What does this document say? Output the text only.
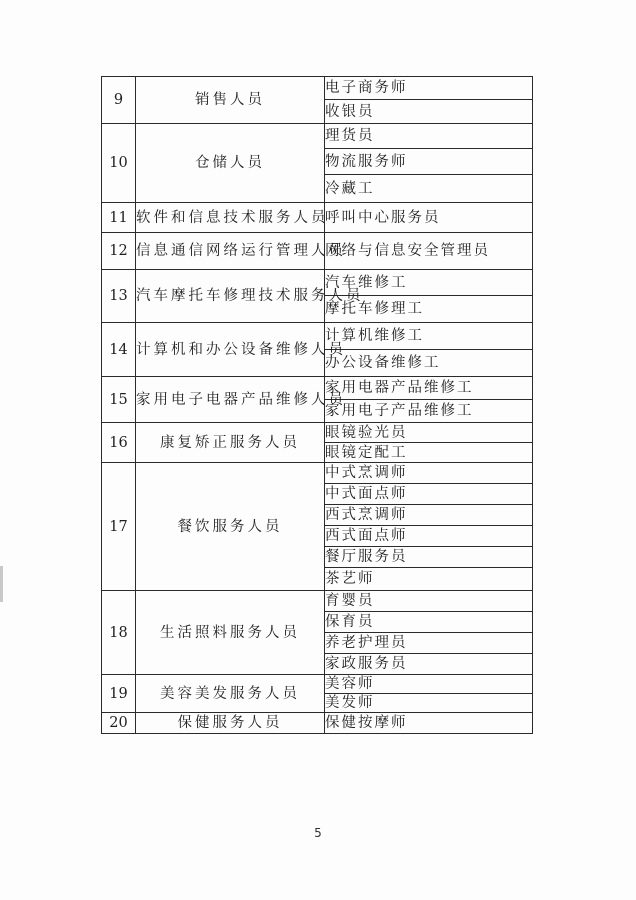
9	销售人员	电子商务师
		收银员
10	仓储人员	理货员
		物流服务师
		冷藏工
11	软件和信息技术服务人员	呼叫中心服务员
12	信息通信网络运行管理人员	网络与信息安全管理员
13	汽车摩托车修理技术服务人员	汽车维修工
		摩托车修理工
14	计算机和办公设备维修人员	计算机维修工
		办公设备维修工
15	家用电子电器产品维修人员	家用电器产品维修工
		家用电子产品维修工
16	康复矫正服务人员	眼镜验光员
		眼镜定配工
17	餐饮服务人员	中式烹调师
		中式面点师
		西式烹调师
		西式面点师
		餐厅服务员
		茶艺师
18	生活照料服务人员	育婴员
		保育员
		养老护理员
		家政服务员
19	美容美发服务人员	美容师
		美发师
20	保健服务人员	保健按摩师
5
